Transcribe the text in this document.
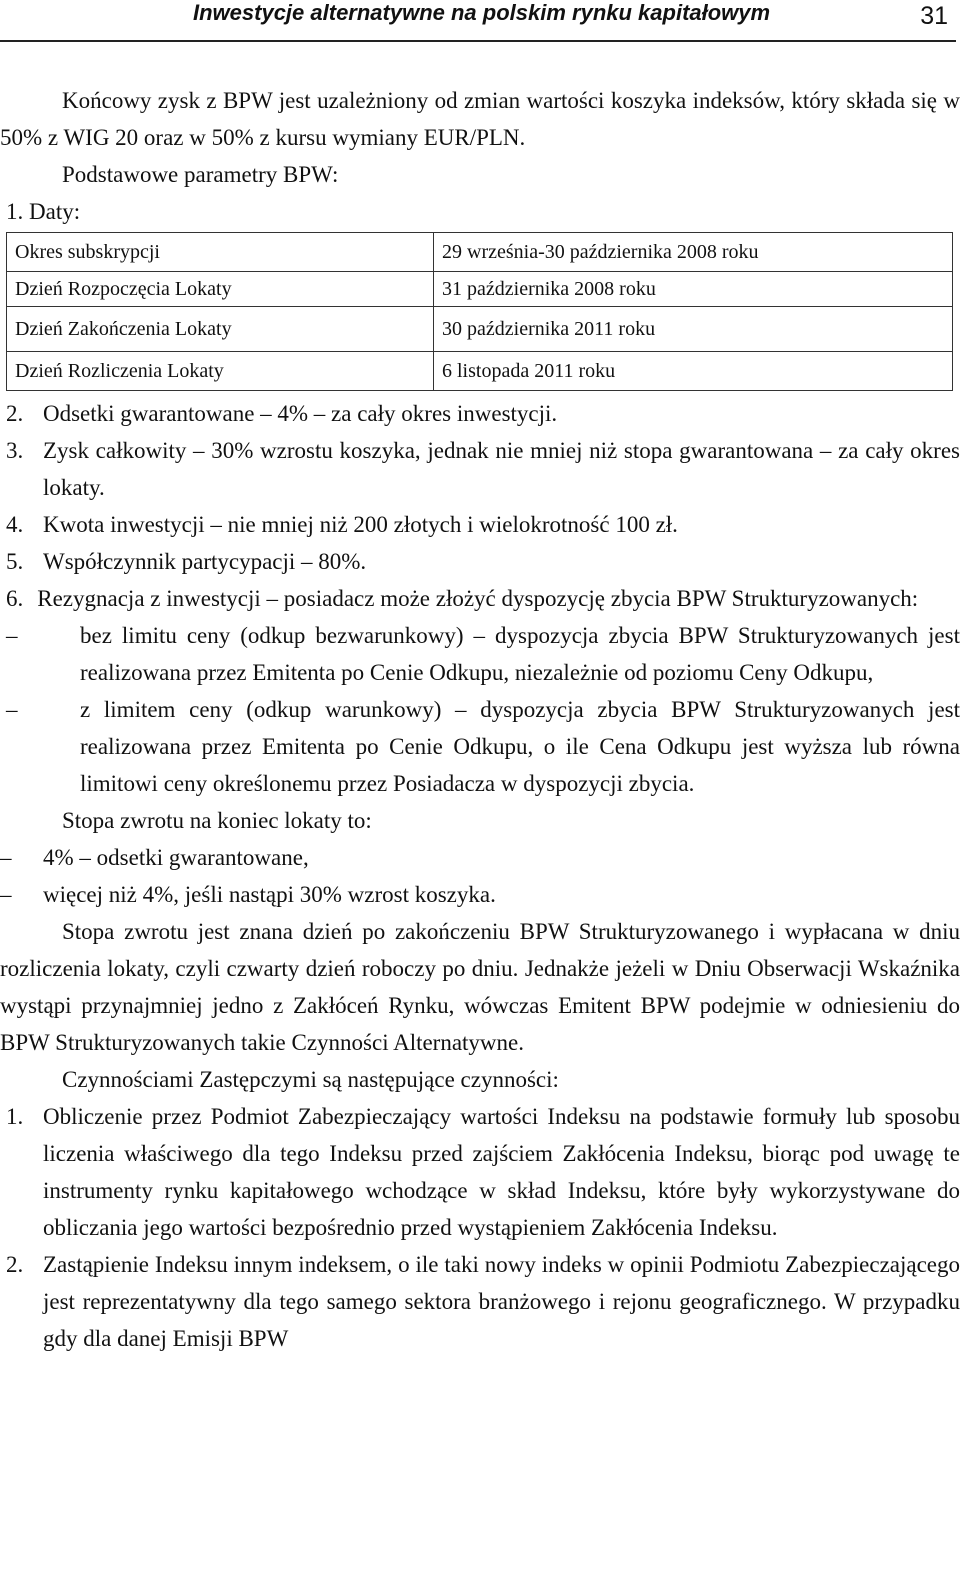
Inwestycje alternatywne na polskim rynku kapitałowym	31

Końcowy zysk z BPW jest uzależniony od zmian wartości koszyka indeksów, który składa się w 50% z WIG 20 oraz w 50% z kursu wymiany EUR/PLN.

Podstawowe parametry BPW:

1. Daty:

Okres subskrypcji	29 września-30 października 2008 roku
Dzień Rozpoczęcia Lokaty	31 października 2008 roku
Dzień Zakończenia Lokaty	30 października 2011 roku
Dzień Rozliczenia Lokaty	6 listopada 2011 roku

2. Odsetki gwarantowane – 4% – za cały okres inwestycji.

3. Zysk całkowity – 30% wzrostu koszyka, jednak nie mniej niż stopa gwarantowana – za cały okres lokaty.

4. Kwota inwestycji – nie mniej niż 200 złotych i wielokrotność 100 zł.

5. Współczynnik partycypacji – 80%.

6. Rezygnacja z inwestycji – posiadacz może złożyć dyspozycję zbycia BPW Strukturyzowanych:

–	bez limitu ceny (odkup bezwarunkowy) – dyspozycja zbycia BPW Strukturyzowanych jest realizowana przez Emitenta po Cenie Odkupu, niezależnie od poziomu Ceny Odkupu,

–	z limitem ceny (odkup warunkowy) – dyspozycja zbycia BPW Strukturyzowanych jest realizowana przez Emitenta po Cenie Odkupu, o ile Cena Odkupu jest wyższa lub równa limitowi ceny określonemu przez Posiadacza w dyspozycji zbycia.

Stopa zwrotu na koniec lokaty to:

– 4% – odsetki gwarantowane,

– więcej niż 4%, jeśli nastąpi 30% wzrost koszyka.

Stopa zwrotu jest znana dzień po zakończeniu BPW Strukturyzowanego i wypłacana w dniu rozliczenia lokaty, czyli czwarty dzień roboczy po dniu. Jednakże jeżeli w Dniu Obserwacji Wskaźnika wystąpi przynajmniej jedno z Zakłóceń Rynku, wówczas Emitent BPW podejmie w odniesieniu do BPW Strukturyzowanych takie Czynności Alternatywne.

Czynnościami Zastępczymi są następujące czynności:

1. Obliczenie przez Podmiot Zabezpieczający wartości Indeksu na podstawie formuły lub sposobu liczenia właściwego dla tego Indeksu przed zajściem Zakłócenia Indeksu, biorąc pod uwagę te instrumenty rynku kapitałowego wchodzące w skład Indeksu, które były wykorzystywane do obliczania jego wartości bezpośrednio przed wystąpieniem Zakłócenia Indeksu.

2. Zastąpienie Indeksu innym indeksem, o ile taki nowy indeks w opinii Podmiotu Zabezpieczającego jest reprezentatywny dla tego samego sektora branżowego i rejonu geograficznego. W przypadku gdy dla danej Emisji BPW
